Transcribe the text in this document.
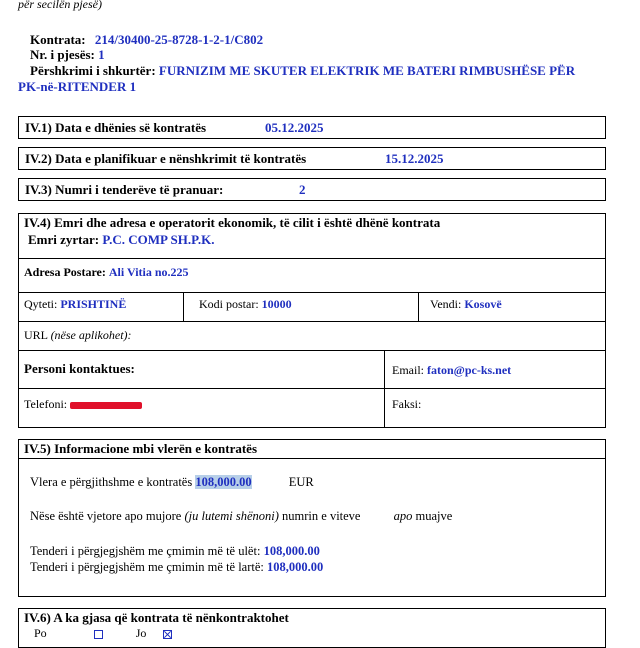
për secilën pjesë)
Kontrata: 214/30400-25-8728-1-2-1/C802
Nr. i pjesës: 1
Përshkrimi i shkurtër: FURNIZIM ME SKUTER ELEKTRIK ME BATERI RIMBUSHËSE PËR
PK-në-RITENDER 1
IV.1) Data e dhënies së kontratës	05.12.2025
IV.2) Data e planifikuar e nënshkrimit të kontratës	15.12.2025
IV.3) Numri i tenderëve të pranuar:	2
IV.4) Emri dhe adresa e operatorit ekonomik, të cilit i është dhënë kontrata
Emri zyrtar: P.C. COMP SH.P.K.
Adresa Postare: Ali Vitia no.225
Qyteti: PRISHTINË	Kodi postar: 10000	Vendi: Kosovë
URL (nëse aplikohet):
Personi kontaktues:	Email: faton@pc-ks.net
Telefoni:	Faksi:
IV.5) Informacione mbi vlerën e kontratës
Vlera e përgjithshme e kontratës 108,000.00	EUR
Nëse është vjetore apo mujore (ju lutemi shënoni) numrin e viteve	apo muajve
Tenderi i përgjegjshëm me çmimin më të ulët: 108,000.00
Tenderi i përgjegjshëm me çmimin më të lartë: 108,000.00
IV.6) A ka gjasa që kontrata të nënkontraktohet
Po	Jo
